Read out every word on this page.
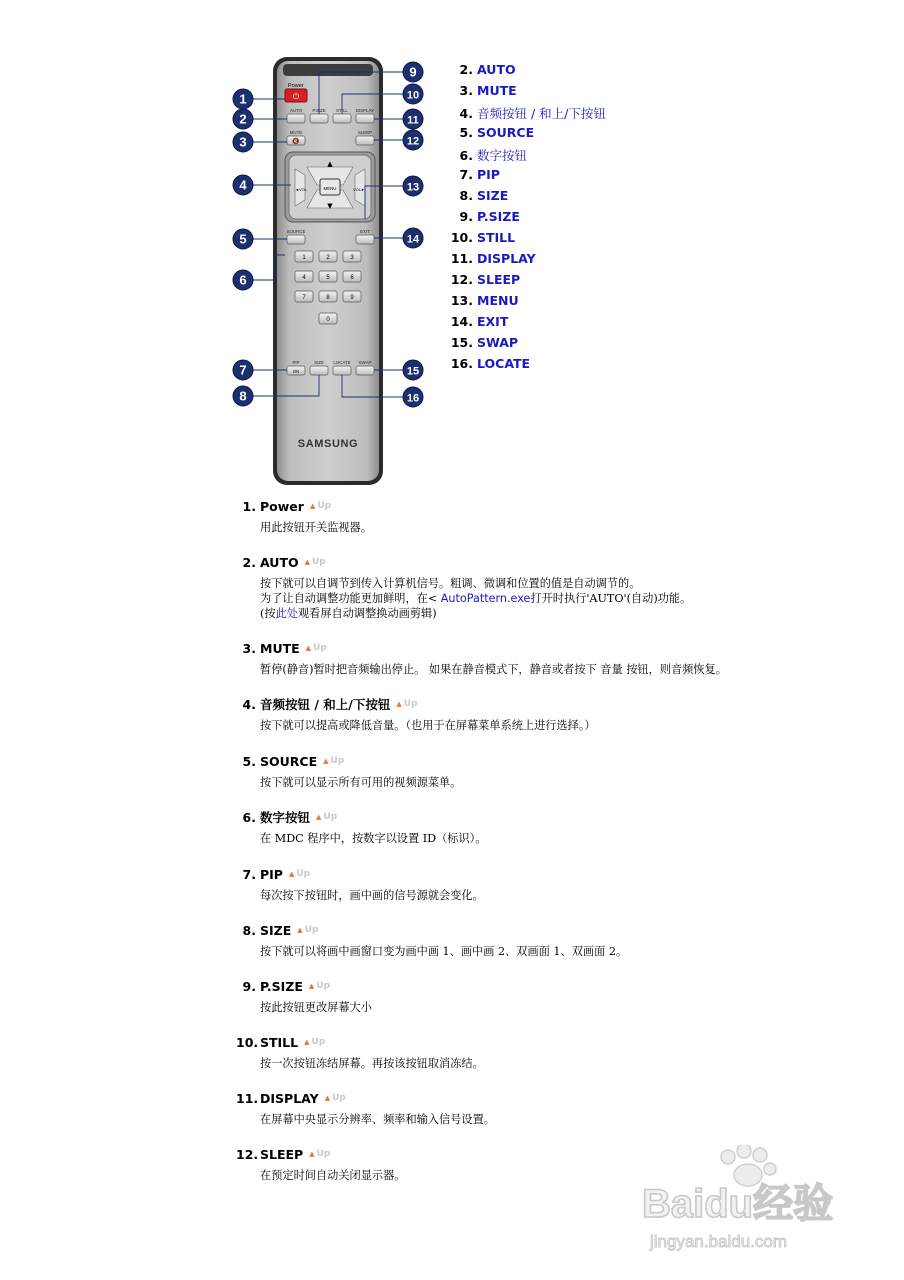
Power
⏻
AUTO P.SIZE STILL DISPLAY
MUTE	SLEEP
SOURCE	EXIT
PIP	SIZE LOCATE SWAP
ON
🔇
▲
▼
◄VOL	VOL►
MENU
1	2	3
4	5	6
7	8	9
0
SAMSUNG
1
2
3
4
5
6
7
8
9
10
11
12
13
14
15
16
2. AUTO
3. MUTE
4. 音频按钮 / 和上/下按钮
5. SOURCE
6. 数字按钮
7. PIP
8. SIZE
9. P.SIZE
10. STILL
11. DISPLAY
12. SLEEP
13. MENU
14. EXIT
15. SWAP
16. LOCATE
1. Power ▲ Up
用此按钮开关监视器。
2. AUTO ▲ Up
按下就可以自调节到传入计算机信号。粗调、微调和位置的值是自动调节的。
为了让自动调整功能更加鲜明，在< AutoPattern.exe打开时执行'AUTO'(自动)功能。
(按此处观看屏自动调整换动画剪辑)
3. MUTE ▲ Up
暂停(静音)暂时把音频输出停止。 如果在静音模式下，静音或者按下 音量 按钮，则音频恢复。
4. 音频按钮 / 和上/下按钮 ▲ Up
按下就可以提高或降低音量。（也用于在屏幕菜单系统上进行选择。）
5. SOURCE ▲ Up
按下就可以显示所有可用的视频源菜单。
6. 数字按钮 ▲ Up
在 MDC 程序中，按数字以设置 ID（标识）。
7. PIP ▲ Up
每次按下按钮时，画中画的信号源就会变化。
8. SIZE ▲ Up
按下就可以将画中画窗口变为画中画 1、画中画 2、双画面 1、双画面 2。
9. P.SIZE ▲ Up
按此按钮更改屏幕大小
10. STILL ▲ Up
按一次按钮冻结屏幕。再按该按钮取消冻结。
11. DISPLAY ▲ Up
在屏幕中央显示分辨率、频率和输入信号设置。
12. SLEEP ▲ Up
在预定时间自动关闭显示器。
Baidu经验
jingyan.baidu.com
